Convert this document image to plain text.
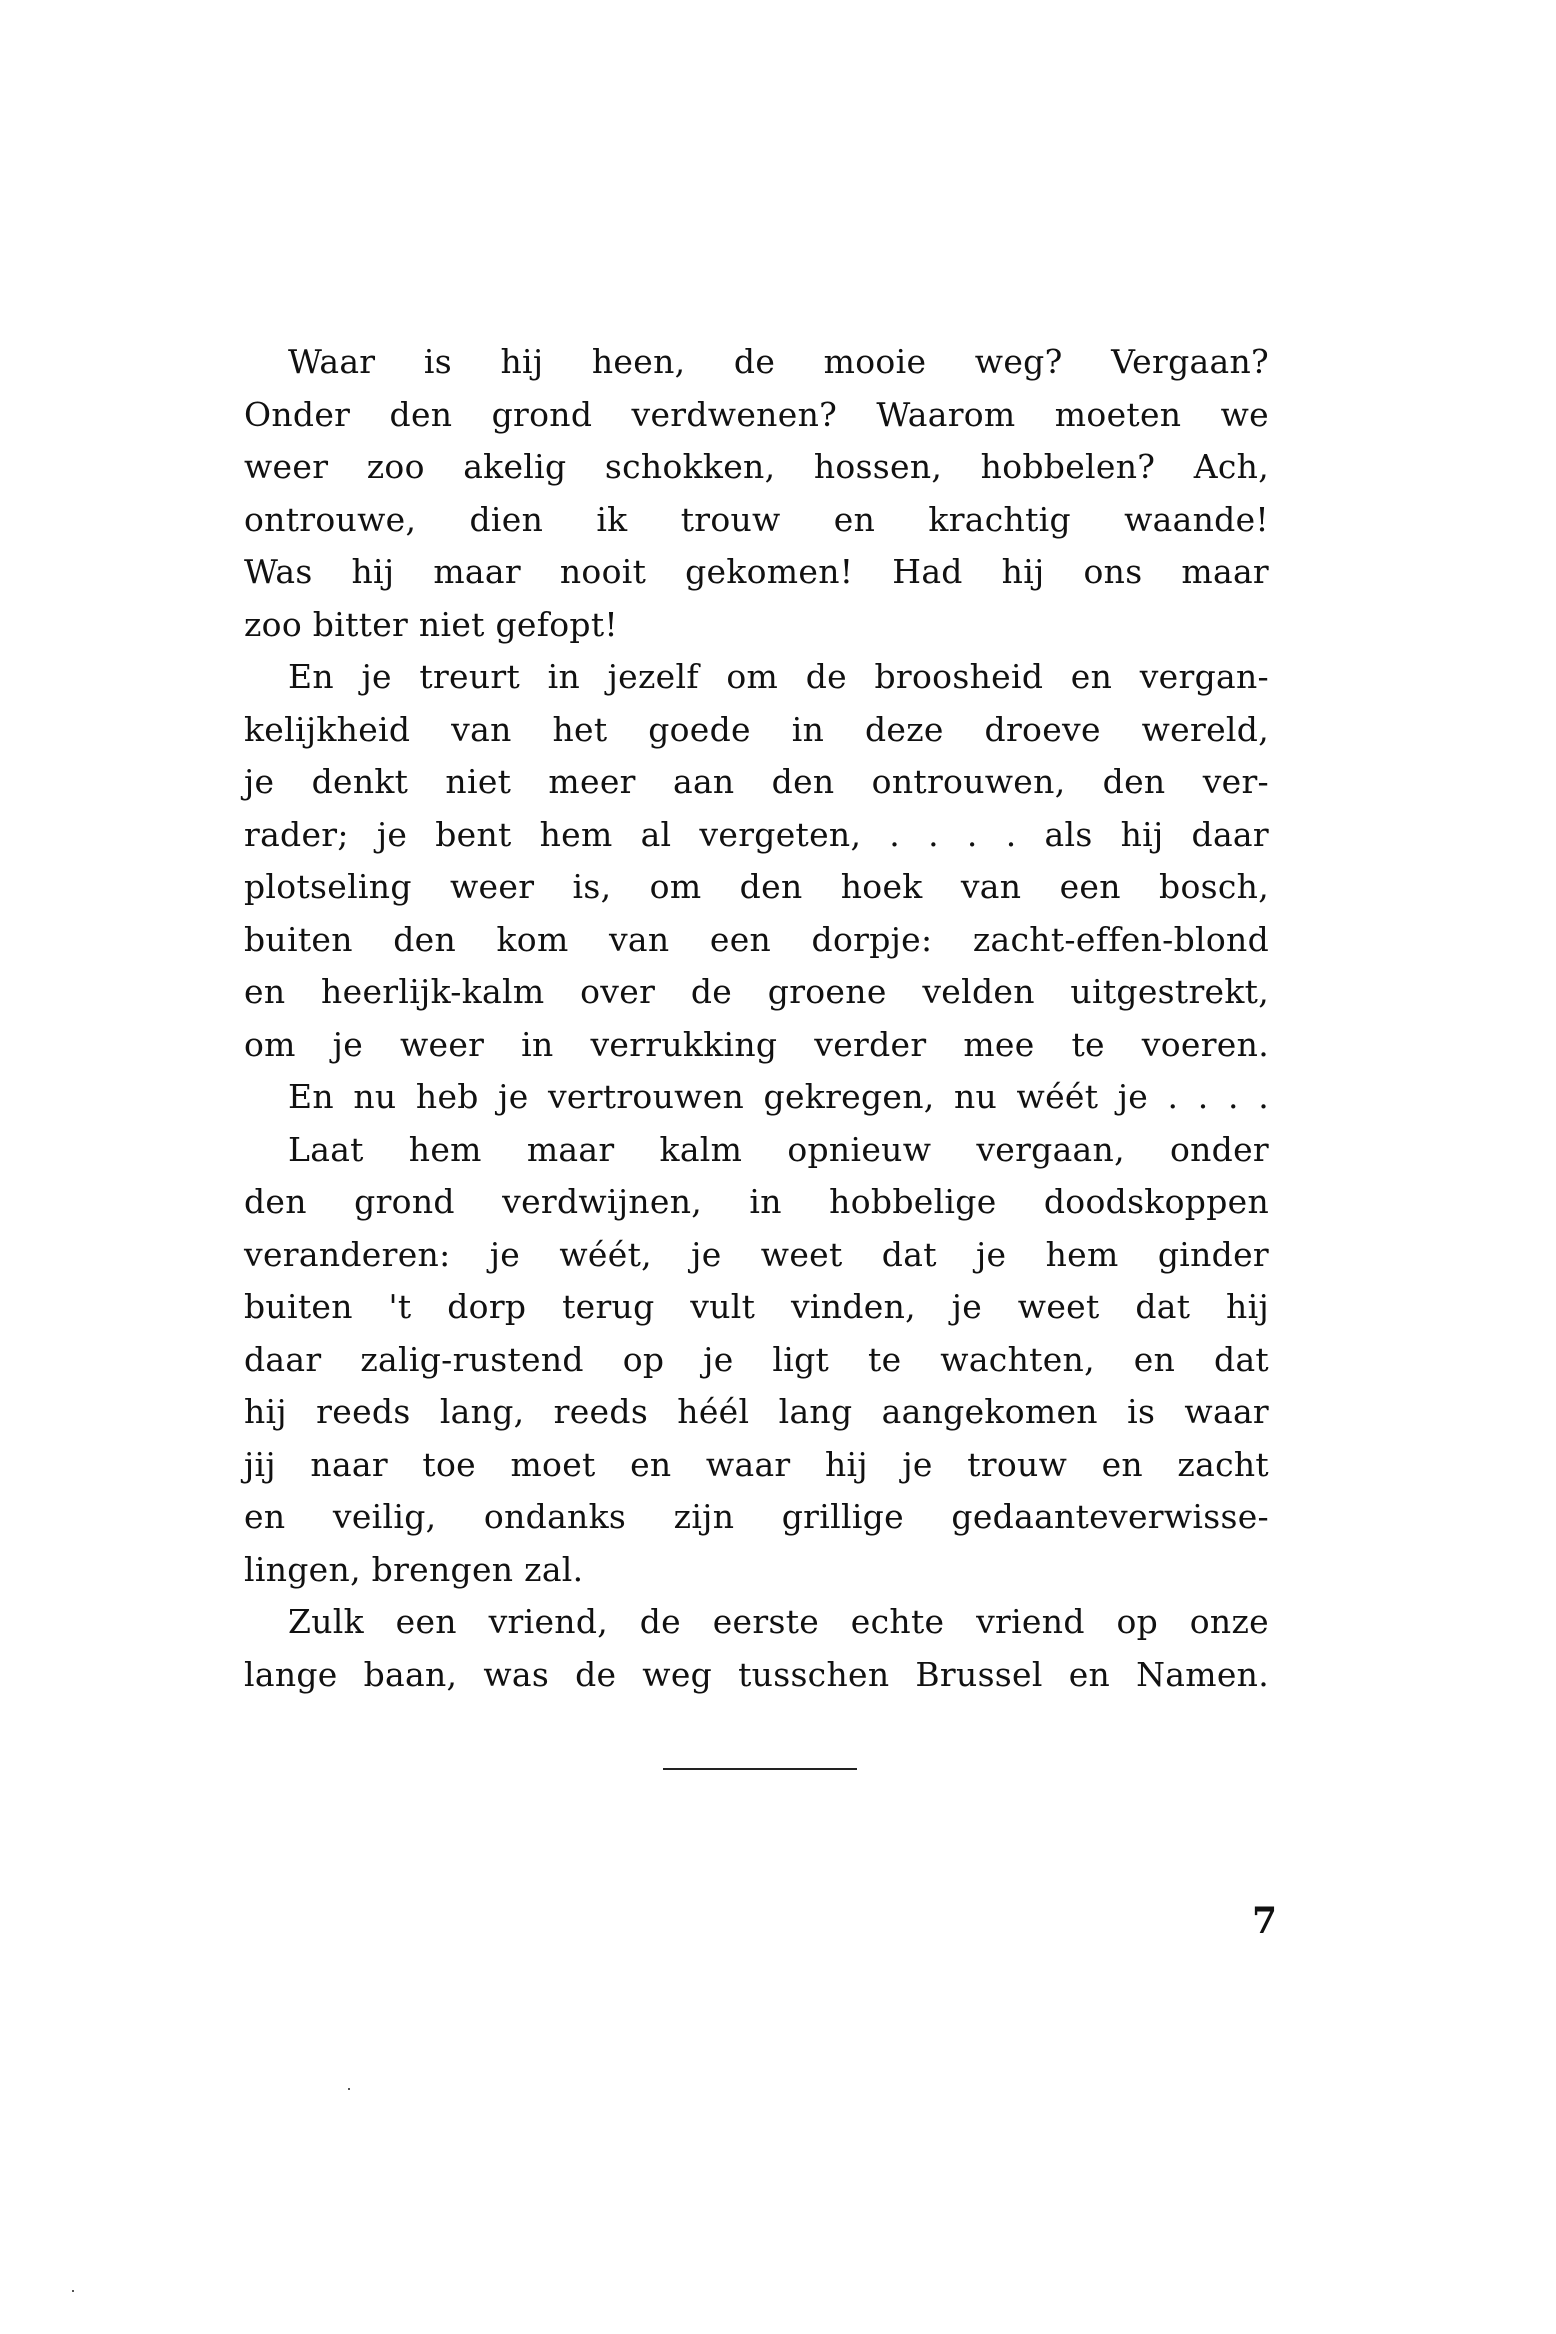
Waar is hij heen, de mooie weg? Vergaan?
Onder den grond verdwenen? Waarom moeten we
weer zoo akelig schokken, hossen, hobbelen? Ach,
ontrouwe, dien ik trouw en krachtig waande!
Was hij maar nooit gekomen! Had hij ons maar
zoo bitter niet gefopt!
En je treurt in jezelf om de broosheid en vergan-
kelijkheid van het goede in deze droeve wereld,
je denkt niet meer aan den ontrouwen, den ver-
rader; je bent hem al vergeten, . . . . als hij daar
plotseling weer is, om den hoek van een bosch,
buiten den kom van een dorpje: zacht-effen-blond
en heerlijk-kalm over de groene velden uitgestrekt,
om je weer in verrukking verder mee te voeren.
En nu heb je vertrouwen gekregen, nu wéét je . . . .
Laat hem maar kalm opnieuw vergaan, onder
den grond verdwijnen, in hobbelige doodskoppen
veranderen: je wéét, je weet dat je hem ginder
buiten 't dorp terug vult vinden, je weet dat hij
daar zalig-rustend op je ligt te wachten, en dat
hij reeds lang, reeds héél lang aangekomen is waar
jij naar toe moet en waar hij je trouw en zacht
en veilig, ondanks zijn grillige gedaanteverwisse-
lingen, brengen zal.
Zulk een vriend, de eerste echte vriend op onze
lange baan, was de weg tusschen Brussel en Namen.
7
